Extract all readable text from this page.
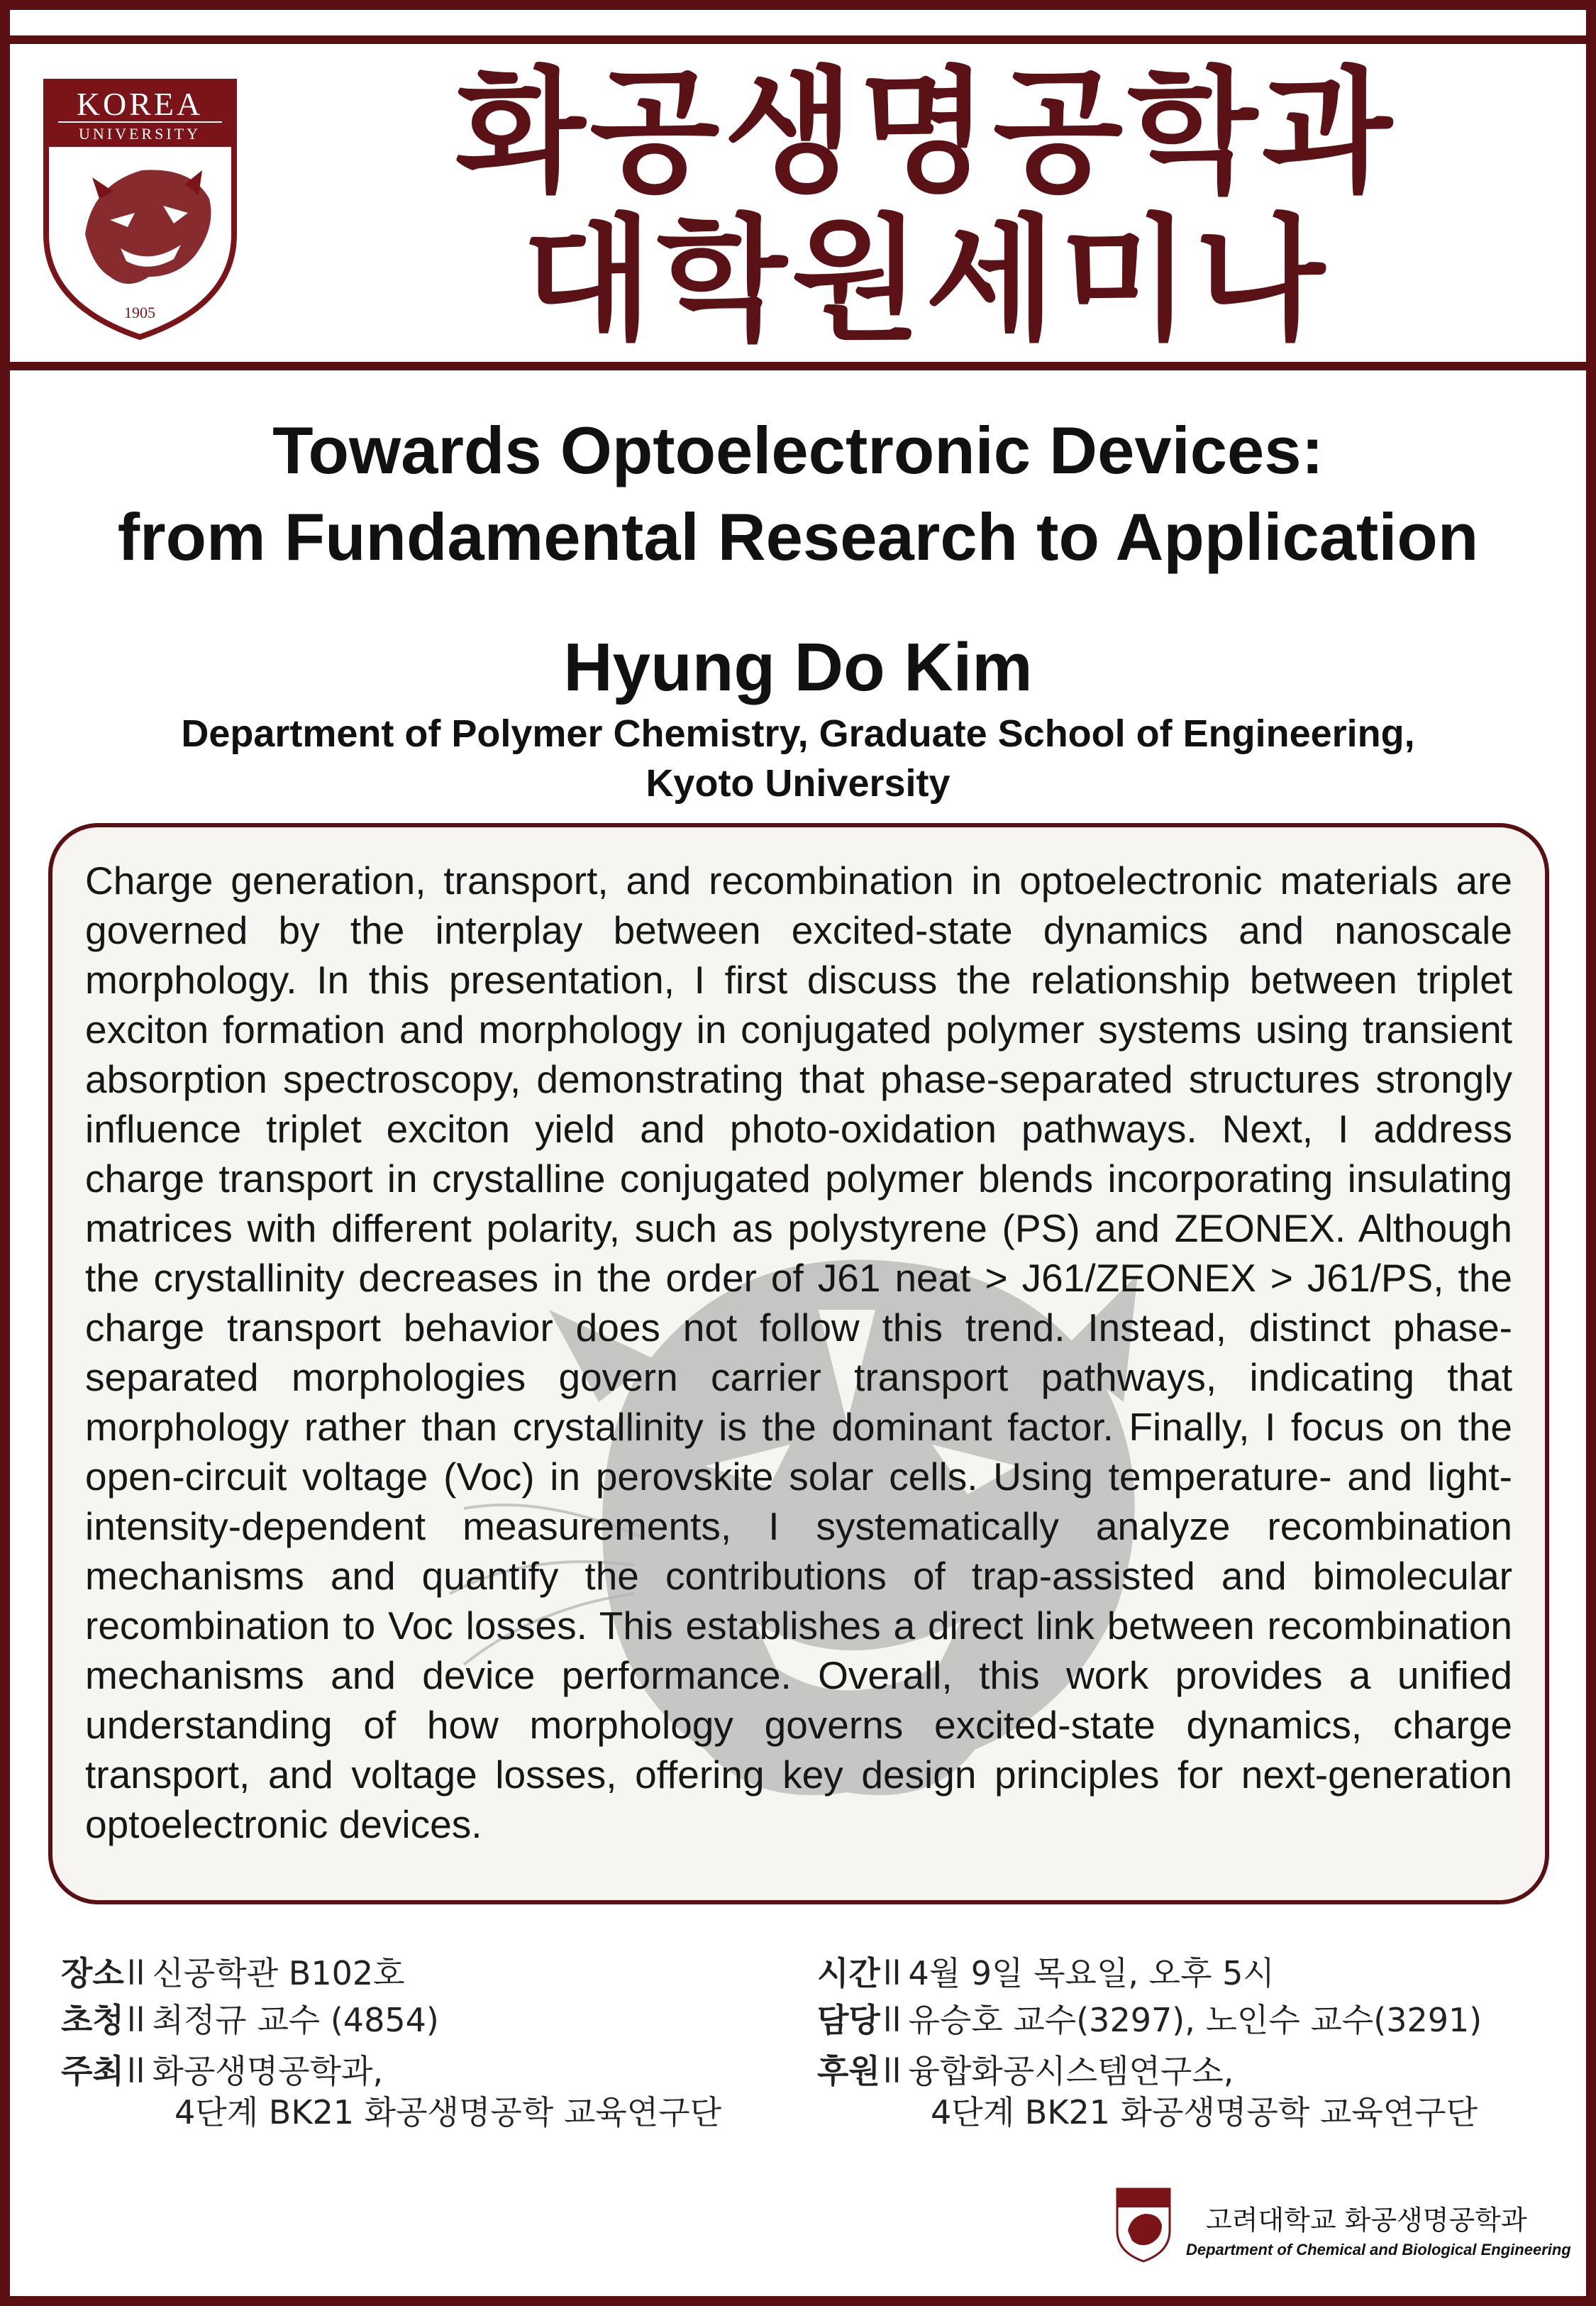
KOREA
UNIVERSITY
1905
화공생명공학과
대학원세미나
Towards Optoelectronic Devices:
from Fundamental Research to Application
Hyung Do Kim
Department of Polymer Chemistry, Graduate School of Engineering,
Kyoto University
Charge generation, transport, and recombination in optoelectronic materials are governed by the interplay between excited-state dynamics and nanoscale morphology. In this presentation, I first discuss the relationship between triplet exciton formation and morphology in conjugated polymer systems using transient absorption spectroscopy, demonstrating that phase-separated structures strongly influence triplet exciton yield and photo-oxidation pathways. Next, I address charge transport in crystalline conjugated polymer blends incorporating insulating matrices with different polarity, such as polystyrene (PS) and ZEONEX. Although the crystallinity decreases in the order of J61 neat > J61/ZEONEX > J61/PS, the charge transport behavior does not follow this trend. Instead, distinct phase-separated morphologies govern carrier transport pathways, indicating that morphology rather than crystallinity is the dominant factor. Finally, I focus on the open-circuit voltage (Voc) in perovskite solar cells. Using temperature- and light-intensity-dependent measurements, I systematically analyze recombination mechanisms and quantify the contributions of trap-assisted and bimolecular recombination to Voc losses. This establishes a direct link between recombination mechanisms and device performance. Overall, this work provides a unified understanding of how morphology governs excited-state dynamics, charge transport, and voltage losses, offering key design principles for next-generation optoelectronic devices.
장소ll 신공학관 B102호
초청ll 최정규 교수 (4854)
주최ll 화공생명공학과,
4단계 BK21 화공생명공학 교육연구단
시간ll 4월 9일 목요일, 오후 5시
담당ll 유승호 교수(3297), 노인수 교수(3291)
후원ll 융합화공시스템연구소,
4단계 BK21 화공생명공학 교육연구단
고려대학교 화공생명공학과
Department of Chemical and Biological Engineering
